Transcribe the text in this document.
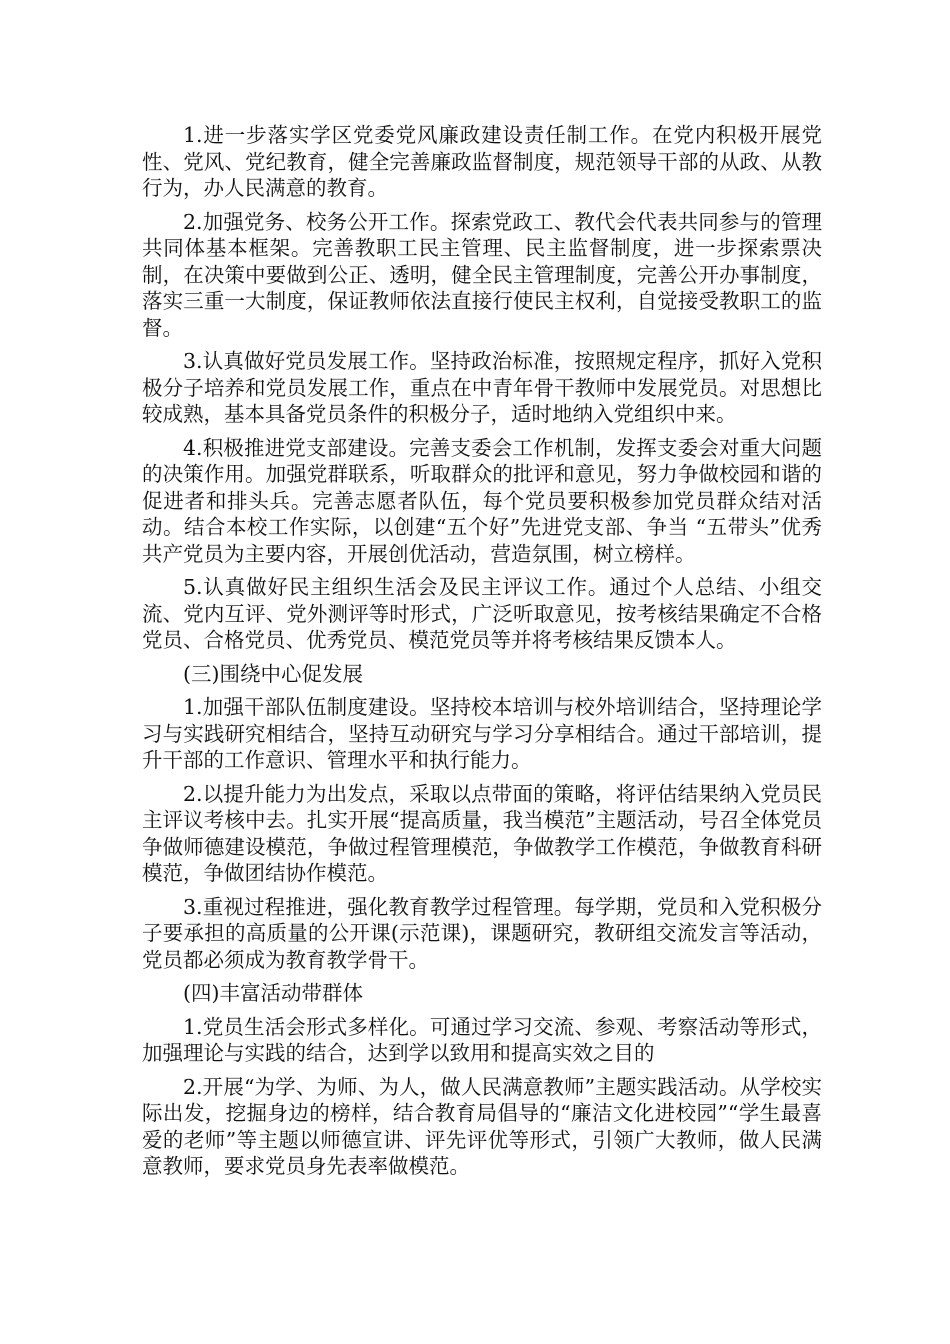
1.进一步落实学区党委党风廉政建设责任制工作。在党内积极开展党性、党风、党纪教育，健全完善廉政监督制度，规范领导干部的从政、从教行为，办人民满意的教育。

2.加强党务、校务公开工作。探索党政工、教代会代表共同参与的管理共同体基本框架。完善教职工民主管理、民主监督制度，进一步探索票决制，在决策中要做到公正、透明，健全民主管理制度，完善公开办事制度，落实三重一大制度，保证教师依法直接行使民主权利，自觉接受教职工的监督。

3.认真做好党员发展工作。坚持政治标准，按照规定程序，抓好入党积极分子培养和党员发展工作，重点在中青年骨干教师中发展党员。对思想比较成熟，基本具备党员条件的积极分子，适时地纳入党组织中来。

4.积极推进党支部建设。完善支委会工作机制，发挥支委会对重大问题的决策作用。加强党群联系，听取群众的批评和意见，努力争做校园和谐的促进者和排头兵。完善志愿者队伍，每个党员要积极参加党员群众结对活动。结合本校工作实际，以创建“五个好”先进党支部、争当 “五带头”优秀共产党员为主要内容，开展创优活动，营造氛围，树立榜样。

5.认真做好民主组织生活会及民主评议工作。通过个人总结、小组交流、党内互评、党外测评等时形式，广泛听取意见，按考核结果确定不合格党员、合格党员、优秀党员、模范党员等并将考核结果反馈本人。

(三)围绕中心促发展

1.加强干部队伍制度建设。坚持校本培训与校外培训结合，坚持理论学习与实践研究相结合，坚持互动研究与学习分享相结合。通过干部培训，提升干部的工作意识、管理水平和执行能力。

2.以提升能力为出发点，采取以点带面的策略，将评估结果纳入党员民主评议考核中去。扎实开展“提高质量，我当模范”主题活动，号召全体党员争做师德建设模范，争做过程管理模范，争做教学工作模范，争做教育科研模范，争做团结协作模范。

3.重视过程推进，强化教育教学过程管理。每学期，党员和入党积极分子要承担的高质量的公开课(示范课)，课题研究，教研组交流发言等活动，党员都必须成为教育教学骨干。

(四)丰富活动带群体

1.党员生活会形式多样化。可通过学习交流、参观、考察活动等形式，加强理论与实践的结合，达到学以致用和提高实效之目的

2.开展“为学、为师、为人，做人民满意教师”主题实践活动。从学校实际出发，挖掘身边的榜样，结合教育局倡导的“廉洁文化进校园”“学生最喜爱的老师”等主题以师德宣讲、评先评优等形式，引领广大教师，做人民满意教师，要求党员身先表率做模范。
